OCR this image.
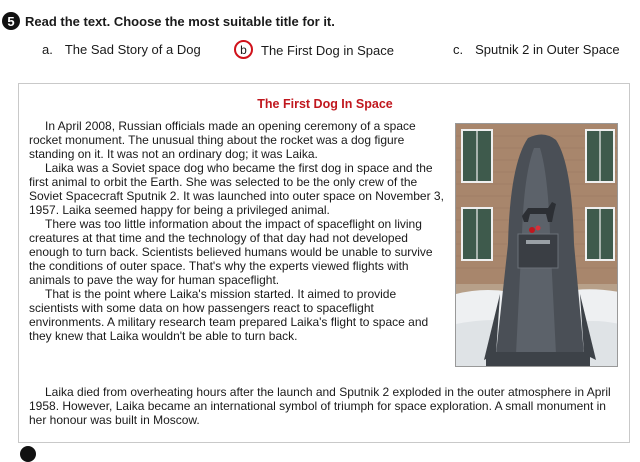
5 Read the text. Choose the most suitable title for it.
a. The Sad Story of a Dog	b The First Dog in Space	c. Sputnik 2 in Outer Space
The First Dog In Space

In April 2008, Russian officials made an opening ceremony of a space rocket monument. The unusual thing about the rocket was a dog figure standing on it. It was not an ordinary dog; it was Laika.

Laika was a Soviet space dog who became the first dog in space and the first animal to orbit the Earth. She was selected to be the only crew of the Soviet Spacecraft Sputnik 2. It was launched into outer space on November 3, 1957. Laika seemed happy for being a privileged animal.

There was too little information about the impact of spaceflight on living creatures at that time and the technology of that day had not developed enough to turn back. Scientists believed humans would be unable to survive the conditions of outer space. That's why the experts viewed flights with animals to pave the way for human spaceflight.

That is the point where Laika's mission started. It aimed to provide scientists with some data on how passengers react to spaceflight environments. A military research team prepared Laika's flight to space and they knew that Laika wouldn't be able to turn back.

Laika died from overheating hours after the launch and Sputnik 2 exploded in the outer atmosphere in April 1958. However, Laika became an international symbol of triumph for space exploration. A small monument in her honour was built in Moscow.
